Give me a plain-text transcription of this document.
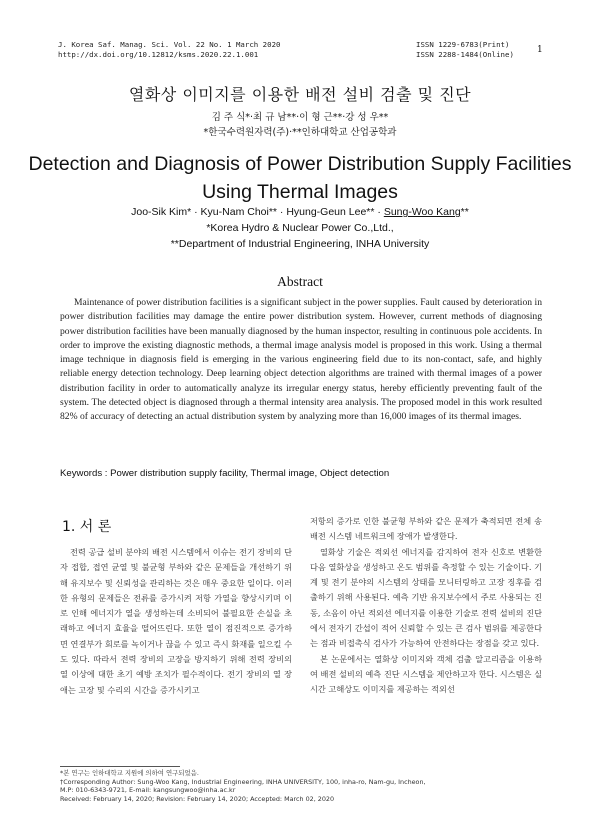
J. Korea Saf. Manag. Sci. Vol. 22 No. 1 March 2020
http://dx.doi.org/10.12812/ksms.2020.22.1.001
ISSN 1229-6783(Print)
ISSN 2288-1484(Online)	1
열화상 이미지를 이용한 배전 설비 검출 및 진단
김 주 식*·최 규 남**·이 형 근**·강 성 우**
*한국수력원자력(주)·**인하대학교 산업공학과
Detection and Diagnosis of Power Distribution Supply Facilities
Using Thermal Images
Joo-Sik Kim* · Kyu-Nam Choi** · Hyung-Geun Lee** · Sung-Woo Kang**
*Korea Hydro & Nuclear Power Co.,Ltd.,
**Department of Industrial Engineering, INHA University
Abstract
Maintenance of power distribution facilities is a significant subject in the power supplies. Fault caused by deterioration in power distribution facilities may damage the entire power distribution system. However, current methods of diagnosing power distribution facilities have been manually diagnosed by the human inspector, resulting in continuous pole accidents. In order to improve the existing diagnostic methods, a thermal image analysis model is proposed in this work. Using a thermal image technique in diagnosis field is emerging in the various engineering field due to its non-contact, safe, and highly reliable energy detection technology. Deep learning object detection algorithms are trained with thermal images of a power distribution facility in order to automatically analyze its irregular energy status, hereby efficiently preventing fault of the system. The detected object is diagnosed through a thermal intensity area analysis. The proposed model in this work resulted 82% of accuracy of detecting an actual distribution system by analyzing more than 16,000 images of its thermal images.
Keywords : Power distribution supply facility, Thermal image, Object detection
1. 서 론

전력 공급 설비 분야의 배전 시스템에서 이슈는 전기 장비의 단자 접합, 접연 균열 및 불균형 부하와 같은 문제들을 개선하기 위해 유지보수 및 신뢰성을 관리하는 것은 매우 중요한 일이다. 이러한 유형의 문제들은 전류를 증가시켜 저항 가열을 향상시키며 이로 인해 에너지가 열을 생성하는데 소비되어 불필요한 손실을 초래하고 에너지 효율을 떨어뜨린다. 또한 열이 점진적으로 증가하면 연결부가 회로를 녹이거나 끊을 수 있고 즉시 화재를 일으킬 수도 있다. 따라서 전력 장비의 고장을 방지하기 위해 전력 장비의 열 이상에 대한 초기 예방 조치가 필수적이다. 전기 장비의 열 장애는 고장 및 수리의 시간을 증가시키고

저항의 증가로 인한 불균형 부하와 같은 문제가 축적되면 전체 송배전 시스템 네트워크에 장애가 발생한다.

열화상 기술은 적외선 에너지를 감지하여 전자 신호로 변환한 다음 열화상을 생성하고 온도 범위를 측정할 수 있는 기술이다. 기계 및 전기 분야의 시스템의 상태를 모니터링하고 고장 징후를 검출하기 위해 사용된다. 예측 기반 유지보수에서 주로 사용되는 진동, 소음이 아닌 적외선 에너지를 이용한 기술로 전력 설비의 진단에서 전자기 간섭이 적어 신뢰할 수 있는 큰 검사 범위를 제공한다는 점과 비접촉식 검사가 가능하여 안전하다는 장점을 갖고 있다.

본 논문에서는 열화상 이미지와 객체 검출 알고리즘을 이용하여 배전 설비의 예측 진단 시스템을 제안하고자 한다. 시스템은 실시간 고해상도 이미지를 제공하는 적외선

*본 연구는 인하대학교 지원에 의하여 연구되었음.
†Corresponding Author: Sung-Woo Kang, Industrial Engineering, INHA UNIVERSITY, 100, inha-ro, Nam-gu, Incheon,
M.P: 010-6343-9721, E-mail: kangsungwoo@inha.ac.kr
Received: February 14, 2020; Revision: February 14, 2020; Accepted: March 02, 2020
